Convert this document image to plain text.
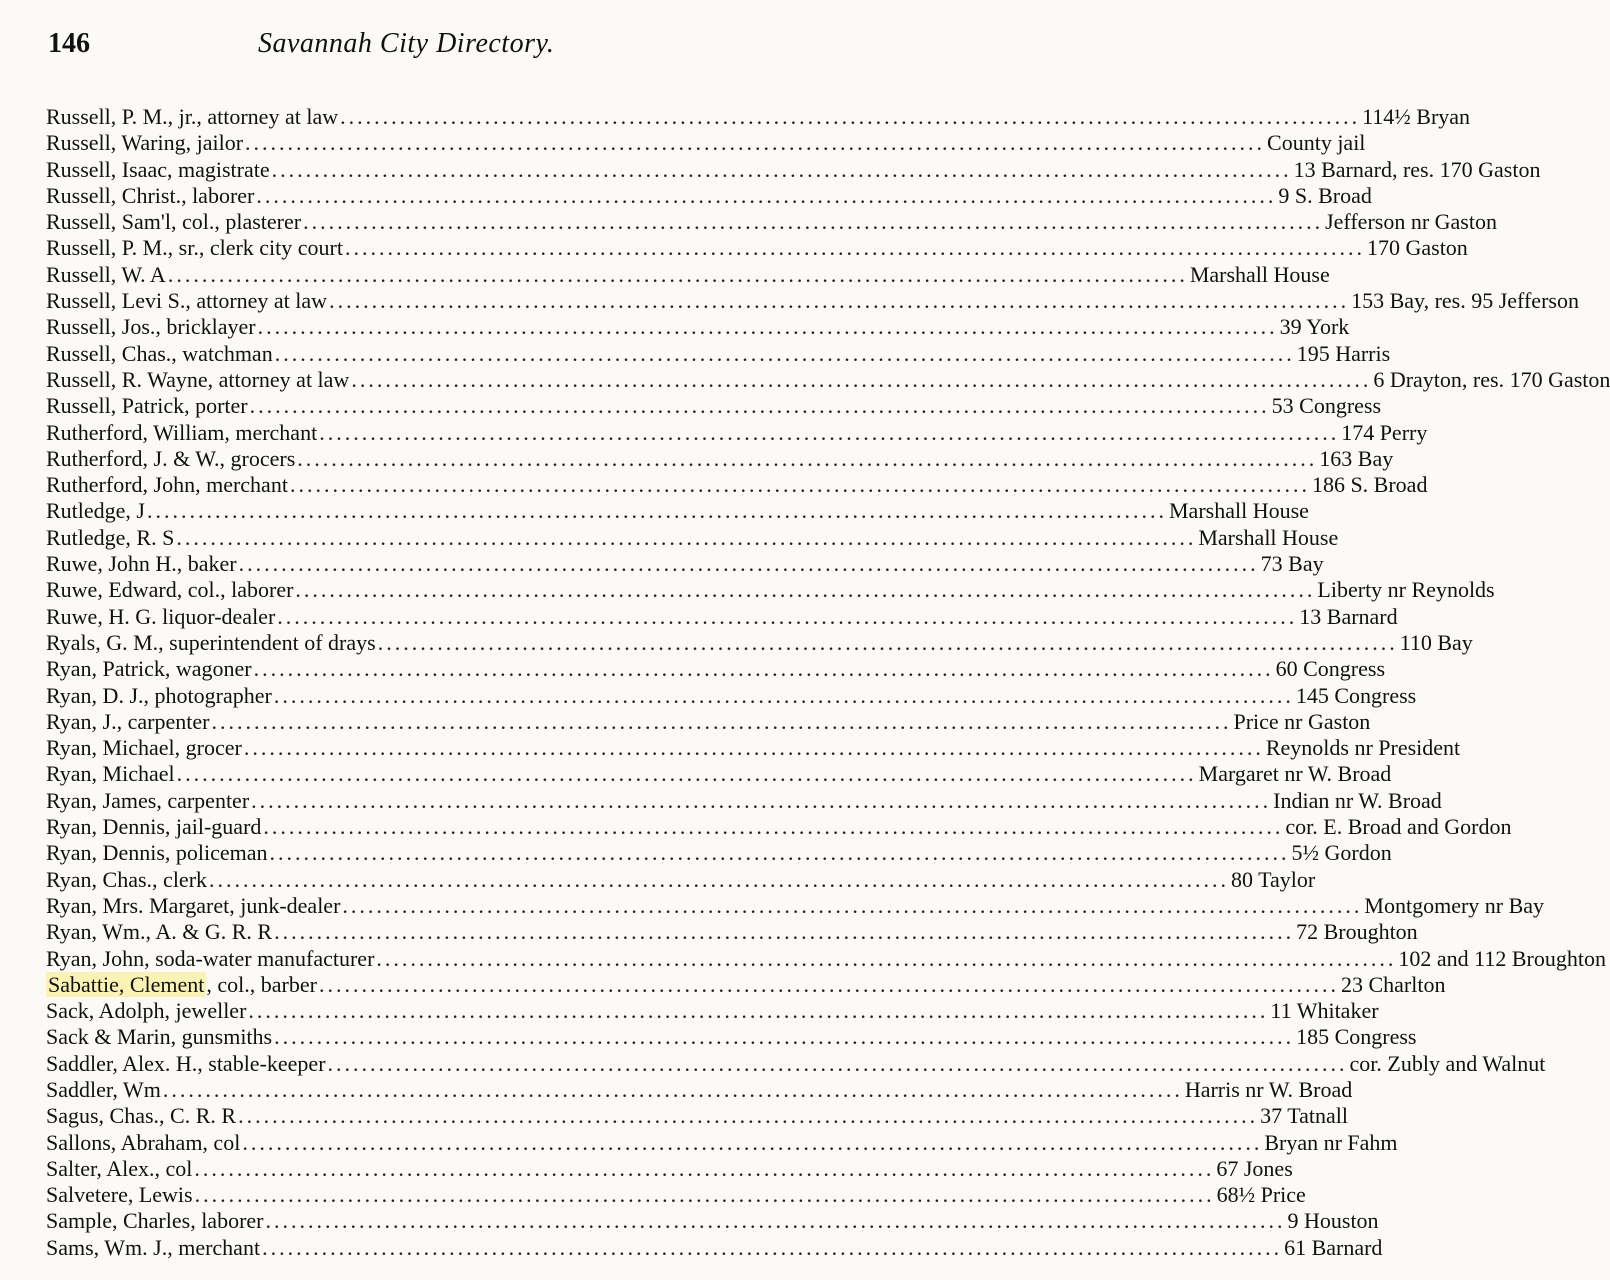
146	Savannah City Directory.
Russell, P. M., jr., attorney at law ........................................................................................................................ 114½ Bryan
Russell, Waring, jailor ........................................................................................................................ County jail
Russell, Isaac, magistrate ........................................................................................................................ 13 Barnard, res. 170 Gaston
Russell, Christ., laborer ........................................................................................................................ 9 S. Broad
Russell, Sam'l, col., plasterer ........................................................................................................................ Jefferson nr Gaston
Russell, P. M., sr., clerk city court ........................................................................................................................ 170 Gaston
Russell, W. A ........................................................................................................................ Marshall House
Russell, Levi S., attorney at law ........................................................................................................................ 153 Bay, res. 95 Jefferson
Russell, Jos., bricklayer ........................................................................................................................ 39 York
Russell, Chas., watchman ........................................................................................................................ 195 Harris
Russell, R. Wayne, attorney at law ........................................................................................................................ 6 Drayton, res. 170 Gaston
Russell, Patrick, porter ........................................................................................................................ 53 Congress
Rutherford, William, merchant ........................................................................................................................ 174 Perry
Rutherford, J. & W., grocers ........................................................................................................................ 163 Bay
Rutherford, John, merchant ........................................................................................................................ 186 S. Broad
Rutledge, J ........................................................................................................................ Marshall House
Rutledge, R. S ........................................................................................................................ Marshall House
Ruwe, John H., baker ........................................................................................................................ 73 Bay
Ruwe, Edward, col., laborer ........................................................................................................................ Liberty nr Reynolds
Ruwe, H. G. liquor-dealer ........................................................................................................................ 13 Barnard
Ryals, G. M., superintendent of drays ........................................................................................................................ 110 Bay
Ryan, Patrick, wagoner ........................................................................................................................ 60 Congress
Ryan, D. J., photographer ........................................................................................................................ 145 Congress
Ryan, J., carpenter ........................................................................................................................ Price nr Gaston
Ryan, Michael, grocer ........................................................................................................................ Reynolds nr President
Ryan, Michael ........................................................................................................................ Margaret nr W. Broad
Ryan, James, carpenter ........................................................................................................................ Indian nr W. Broad
Ryan, Dennis, jail-guard ........................................................................................................................ cor. E. Broad and Gordon
Ryan, Dennis, policeman ........................................................................................................................ 5½ Gordon
Ryan, Chas., clerk ........................................................................................................................ 80 Taylor
Ryan, Mrs. Margaret, junk-dealer ........................................................................................................................ Montgomery nr Bay
Ryan, Wm., A. & G. R. R ........................................................................................................................ 72 Broughton
Ryan, John, soda-water manufacturer ........................................................................................................................ 102 and 112 Broughton
Sabattie, Clement, col., barber ........................................................................................................................ 23 Charlton
Sack, Adolph, jeweller ........................................................................................................................ 11 Whitaker
Sack & Marin, gunsmiths ........................................................................................................................ 185 Congress
Saddler, Alex. H., stable-keeper ........................................................................................................................ cor. Zubly and Walnut
Saddler, Wm ........................................................................................................................ Harris nr W. Broad
Sagus, Chas., C. R. R ........................................................................................................................ 37 Tatnall
Sallons, Abraham, col ........................................................................................................................ Bryan nr Fahm
Salter, Alex., col ........................................................................................................................ 67 Jones
Salvetere, Lewis ........................................................................................................................ 68½ Price
Sample, Charles, laborer ........................................................................................................................ 9 Houston
Sams, Wm. J., merchant ........................................................................................................................ 61 Barnard
